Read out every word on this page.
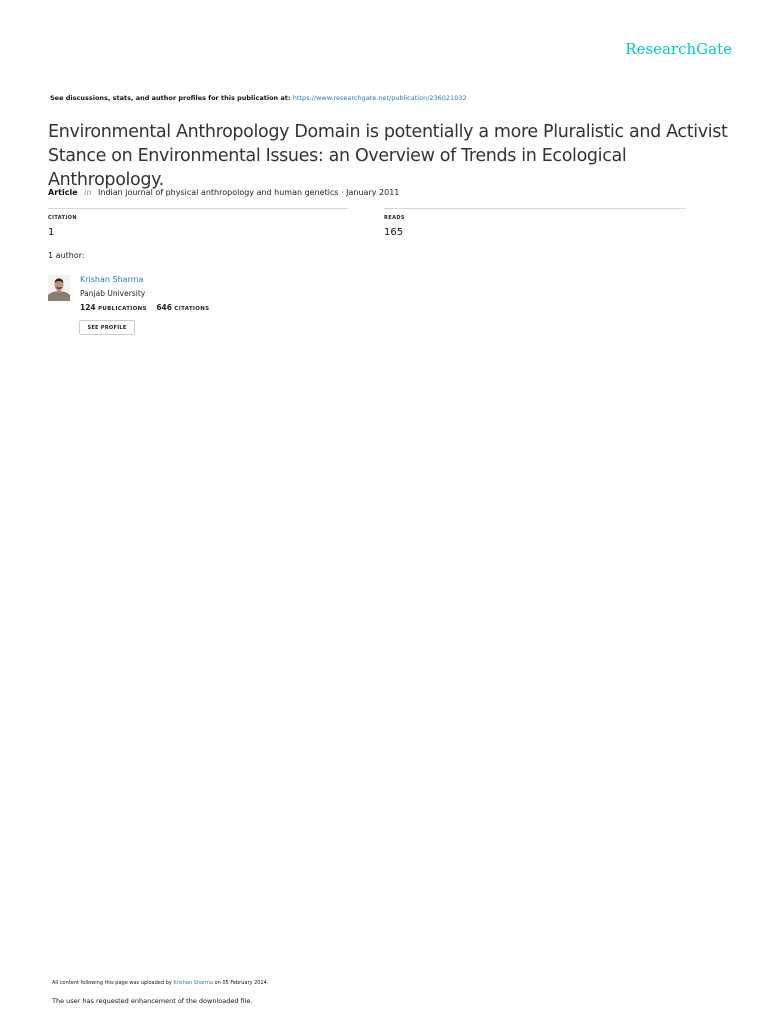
ResearchGate
See discussions, stats, and author profiles for this publication at: https://www.researchgate.net/publication/236021032
Environmental Anthropology Domain is potentially a more Pluralistic and Activist Stance on Environmental Issues: an Overview of Trends in Ecological Anthropology.
Article in Indian journal of physical anthropology and human genetics · January 2011
CITATION
1
READS
165
1 author:
Krishan Sharma
Panjab University
124 PUBLICATIONS 646 CITATIONS
SEE PROFILE
All content following this page was uploaded by Krishan Sharma on 05 February 2014.
The user has requested enhancement of the downloaded file.
